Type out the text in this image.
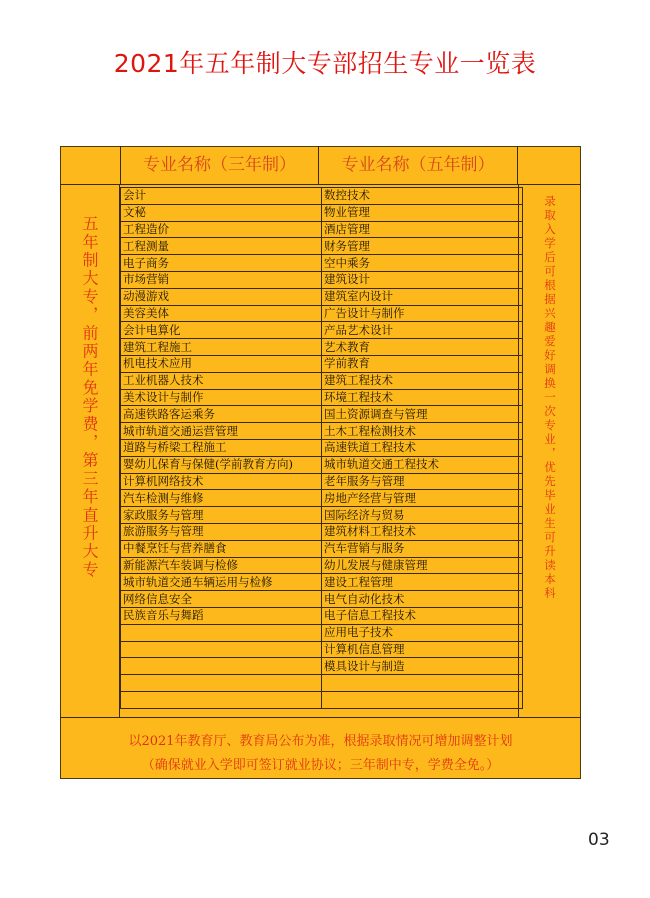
2021年五年制大专部招生专业一览表
专业名称（三年制）	专业名称（五年制）
五年制大专，前两年免学费，第三年直升大专	录取入学后可根据兴趣爱好调换一次专业，优先毕业生可升读本科
会计	数控技术
文秘	物业管理
工程造价	酒店管理
工程测量	财务管理
电子商务	空中乘务
市场营销	建筑设计
动漫游戏	建筑室内设计
美容美体	广告设计与制作
会计电算化	产品艺术设计
建筑工程施工	艺术教育
机电技术应用	学前教育
工业机器人技术	建筑工程技术
美术设计与制作	环境工程技术
高速铁路客运乘务	国土资源调查与管理
城市轨道交通运营管理	土木工程检测技术
道路与桥梁工程施工	高速铁道工程技术
婴幼儿保育与保健(学前教育方向)	城市轨道交通工程技术
计算机网络技术	老年服务与管理
汽车检测与维修	房地产经营与管理
家政服务与管理	国际经济与贸易
旅游服务与管理	建筑材料工程技术
中餐烹饪与营养膳食	汽车营销与服务
新能源汽车装调与检修	幼儿发展与健康管理
城市轨道交通车辆运用与检修	建设工程管理
网络信息安全	电气自动化技术
民族音乐与舞蹈	电子信息工程技术
	应用电子技术
	计算机信息管理
	模具设计与制造

以2021年教育厅、教育局公布为准，根据录取情况可增加调整计划
（确保就业入学即可签订就业协议；三年制中专，学费全免。）
03
